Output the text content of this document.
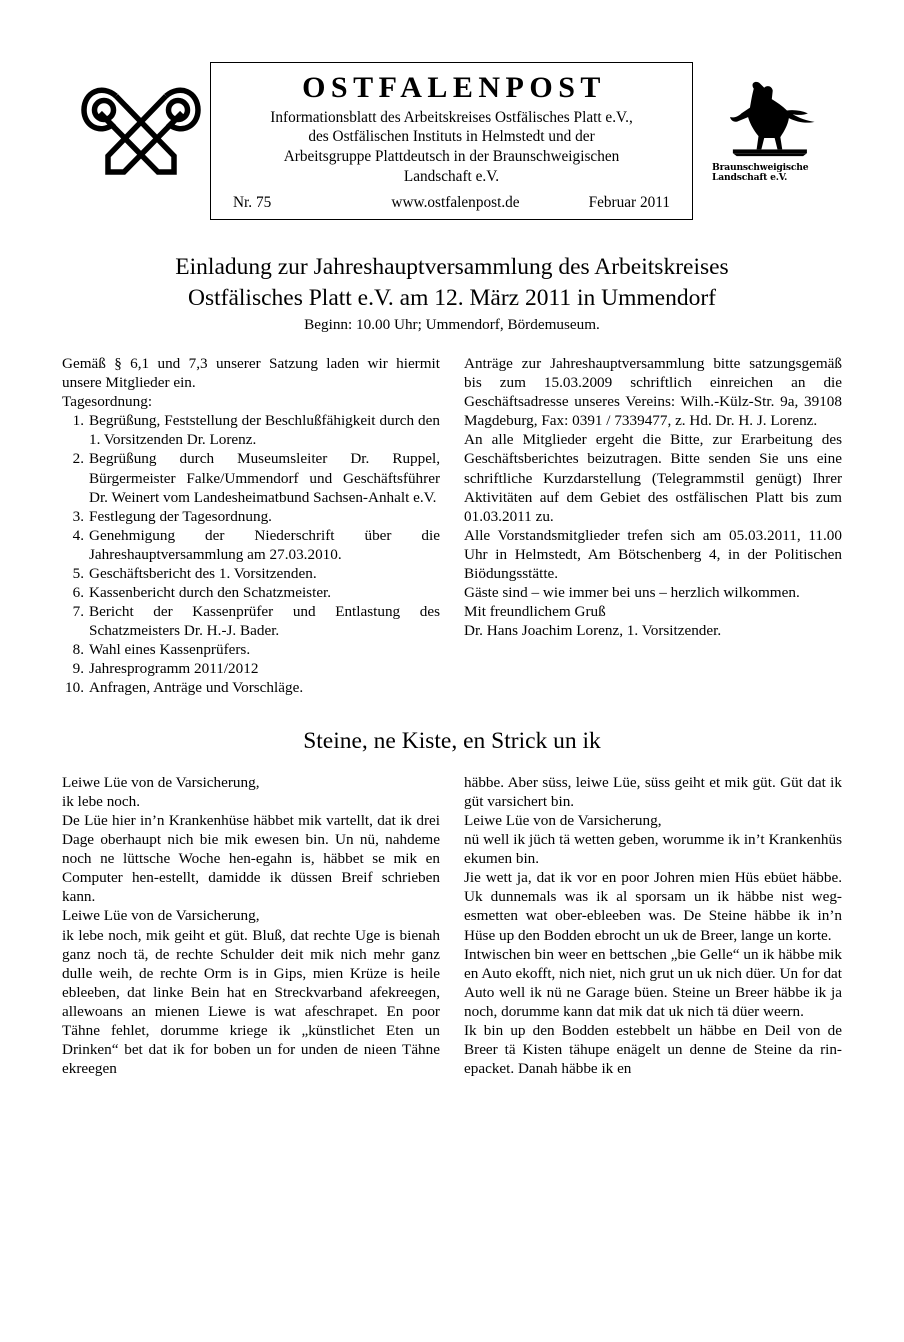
OSTFALENPOST
Informationsblatt des Arbeitskreises Ostfälisches Platt e.V.,
des Ostfälischen Instituts in Helmstedt und der
Arbeitsgruppe Plattdeutsch in der Braunschweigischen
Landschaft e.V.
Nr. 75	www.ostfalenpost.de	Februar 2011
Braunschweigische
Landschaft e.V.
Einladung zur Jahreshauptversammlung des Arbeitskreises
Ostfälisches Platt e.V. am 12. März 2011 in Ummendorf
Beginn: 10.00 Uhr; Ummendorf, Bördemuseum.

Gemäß § 6,1 und 7,3 unserer Satzung laden wir hiermit unsere Mitglieder ein.

Tagesordnung:

1. Begrüßung, Feststellung der Beschlußfähigkeit durch den 1. Vorsitzenden Dr. Lorenz.
2. Begrüßung durch Museumsleiter Dr. Ruppel, Bürgermeister Falke/Ummendorf und Geschäftsführer Dr. Weinert vom Landesheimatbund Sachsen-Anhalt e.V.
3. Festlegung der Tagesordnung.
4. Genehmigung der Niederschrift über die Jahreshauptversammlung am 27.03.2010.
5. Geschäftsbericht des 1. Vorsitzenden.
6. Kassenbericht durch den Schatzmeister.
7. Bericht der Kassenprüfer und Entlastung des Schatzmeisters Dr. H.-J. Bader.
8. Wahl eines Kassenprüfers.
9. Jahresprogramm 2011/2012
10. Anfragen, Anträge und Vorschläge.

Anträge zur Jahreshauptversammlung bitte satzungsgemäß bis zum 15.03.2009 schriftlich einreichen an die Geschäftsadresse unseres Vereins: Wilh.-Külz-Str. 9a, 39108 Magdeburg, Fax: 0391 / 7339477, z. Hd. Dr. H. J. Lorenz.

An alle Mitglieder ergeht die Bitte, zur Erarbeitung des Geschäftsberichtes beizutragen. Bitte senden Sie uns eine schriftliche Kurzdarstellung (Telegrammstil genügt) Ihrer Aktivitäten auf dem Gebiet des ostfälischen Platt bis zum 01.03.2011 zu.

Alle Vorstandsmitglieder trefen sich am 05.03.2011, 11.00 Uhr in Helmstedt, Am Bötschenberg 4, in der Politischen Biödungsstätte.

Gäste sind – wie immer bei uns – herzlich wilkommen.

Mit freundlichem Gruß

Dr. Hans Joachim Lorenz, 1. Vorsitzender.

Steine, ne Kiste, en Strick un ik

Leiwe Lüe von de Varsicherung,

ik lebe noch.

De Lüe hier in’n Krankenhüse häbbet mik vartellt, dat ik drei Dage oberhaupt nich bie mik ewesen bin. Un nü, nahdeme noch ne lüttsche Woche hen-egahn is, häbbet se mik en Computer hen-estellt, damidde ik düssen Breif schrieben kann.

Leiwe Lüe von de Varsicherung,

ik lebe noch, mik geiht et güt. Bluß, dat rechte Uge is bienah ganz noch tä, de rechte Schulder deit mik nich mehr ganz dulle weih, de rechte Orm is in Gips, mien Krüze is heile ebleeben, dat linke Bein hat en Streckvarband afekreegen, allewoans an mienen Liewe is wat afeschrapet. En poor Tähne fehlet, dorumme kriege ik „künstlichet Eten un Drinken“ bet dat ik for boben un for unden de nieen Tähne ekreegen

häbbe. Aber süss, leiwe Lüe, süss geiht et mik güt. Güt dat ik güt varsichert bin.

Leiwe Lüe von de Varsicherung,

nü well ik jüch tä wetten geben, worumme ik in’t Krankenhüs ekumen bin.

Jie wett ja, dat ik vor en poor Johren mien Hüs ebüet häbbe. Uk dunnemals was ik al sporsam un ik häbbe nist weg-esmetten wat ober-ebleeben was. De Steine häbbe ik in’n Hüse up den Bodden ebrocht un uk de Breer, lange un korte.

Intwischen bin weer en bettschen „bie Gelle“ un ik häbbe mik en Auto ekofft, nich niet, nich grut un uk nich düer. Un for dat Auto well ik nü ne Garage büen. Steine un Breer häbbe ik ja noch, dorumme kann dat mik dat uk nich tä düer weern.

Ik bin up den Bodden estebbelt un häbbe en Deil von de Breer tä Kisten tähupe enägelt un denne de Steine da rin-epacket. Danah häbbe ik en
